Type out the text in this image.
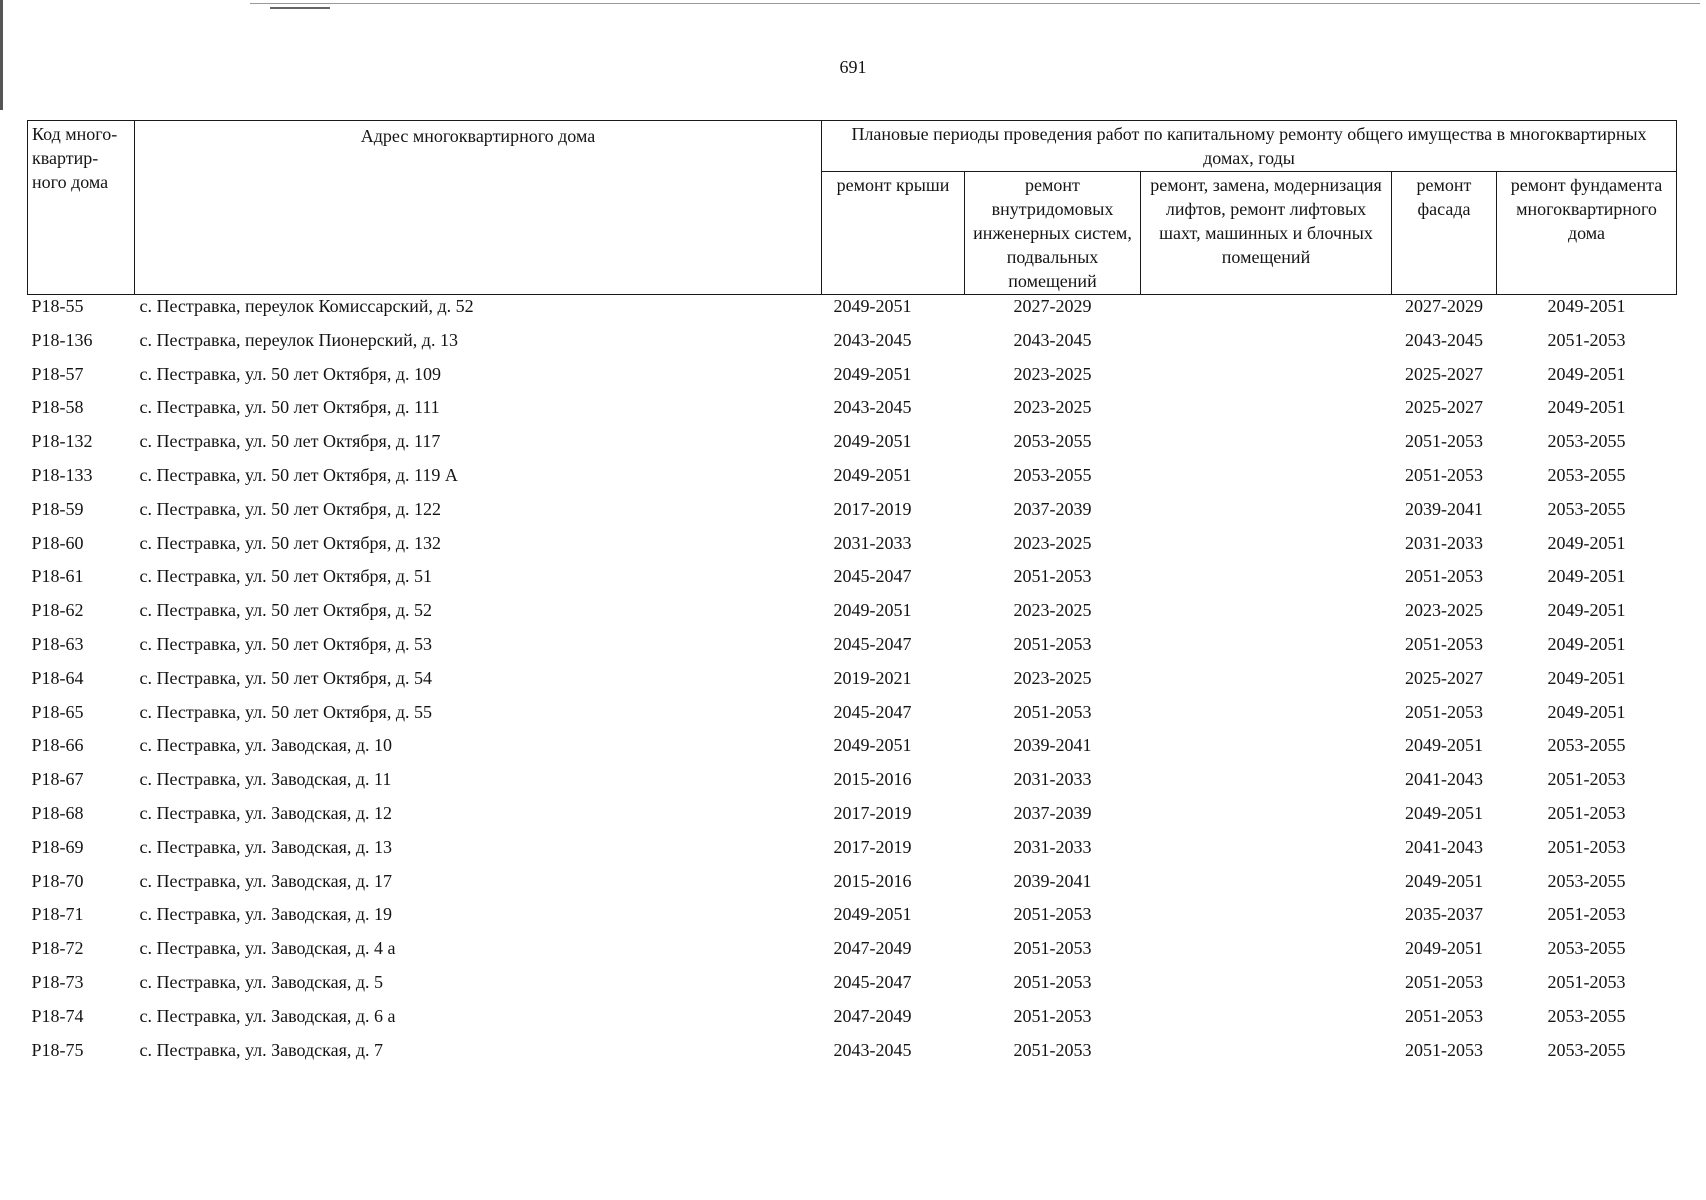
691
Код много-квартир-ного дома	Адрес многоквартирного дома	Плановые периоды проведения работ по капитальному ремонту общего имущества в многоквартирных домах, годы				
		ремонт крыши	ремонт внутридомовых инженерных систем, подвальных помещений	ремонт, замена, модернизация лифтов, ремонт лифтовых шахт, машинных и блочных помещений	ремонт фасада	ремонт фундамента многоквартирного дома
Р18-55	с. Пестравка, переулок Комиссарский, д. 52	2049-2051	2027-2029		2027-2029	2049-2051
Р18-136	с. Пестравка, переулок Пионерский, д. 13	2043-2045	2043-2045		2043-2045	2051-2053
Р18-57	с. Пестравка, ул. 50 лет Октября, д. 109	2049-2051	2023-2025		2025-2027	2049-2051
Р18-58	с. Пестравка, ул. 50 лет Октября, д. 111	2043-2045	2023-2025		2025-2027	2049-2051
Р18-132	с. Пестравка, ул. 50 лет Октября, д. 117	2049-2051	2053-2055		2051-2053	2053-2055
Р18-133	с. Пестравка, ул. 50 лет Октября, д. 119 А	2049-2051	2053-2055		2051-2053	2053-2055
Р18-59	с. Пестравка, ул. 50 лет Октября, д. 122	2017-2019	2037-2039		2039-2041	2053-2055
Р18-60	с. Пестравка, ул. 50 лет Октября, д. 132	2031-2033	2023-2025		2031-2033	2049-2051
Р18-61	с. Пестравка, ул. 50 лет Октября, д. 51	2045-2047	2051-2053		2051-2053	2049-2051
Р18-62	с. Пестравка, ул. 50 лет Октября, д. 52	2049-2051	2023-2025		2023-2025	2049-2051
Р18-63	с. Пестравка, ул. 50 лет Октября, д. 53	2045-2047	2051-2053		2051-2053	2049-2051
Р18-64	с. Пестравка, ул. 50 лет Октября, д. 54	2019-2021	2023-2025		2025-2027	2049-2051
Р18-65	с. Пестравка, ул. 50 лет Октября, д. 55	2045-2047	2051-2053		2051-2053	2049-2051
Р18-66	с. Пестравка, ул. Заводская, д. 10	2049-2051	2039-2041		2049-2051	2053-2055
Р18-67	с. Пестравка, ул. Заводская, д. 11	2015-2016	2031-2033		2041-2043	2051-2053
Р18-68	с. Пестравка, ул. Заводская, д. 12	2017-2019	2037-2039		2049-2051	2051-2053
Р18-69	с. Пестравка, ул. Заводская, д. 13	2017-2019	2031-2033		2041-2043	2051-2053
Р18-70	с. Пестравка, ул. Заводская, д. 17	2015-2016	2039-2041		2049-2051	2053-2055
Р18-71	с. Пестравка, ул. Заводская, д. 19	2049-2051	2051-2053		2035-2037	2051-2053
Р18-72	с. Пестравка, ул. Заводская, д. 4 а	2047-2049	2051-2053		2049-2051	2053-2055
Р18-73	с. Пестравка, ул. Заводская, д. 5	2045-2047	2051-2053		2051-2053	2051-2053
Р18-74	с. Пестравка, ул. Заводская, д. 6 а	2047-2049	2051-2053		2051-2053	2053-2055
Р18-75	с. Пестравка, ул. Заводская, д. 7	2043-2045	2051-2053		2051-2053	2053-2055
